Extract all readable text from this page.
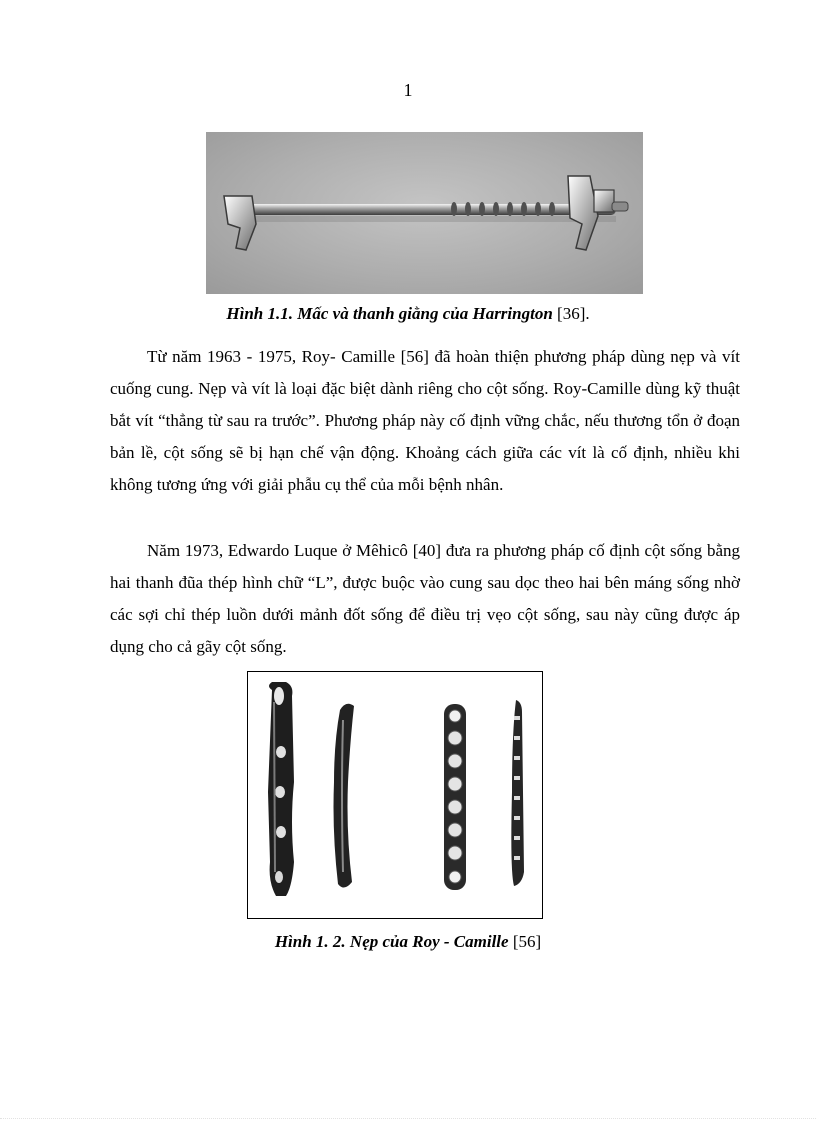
1
Hình 1.1. Mấc và thanh giằng của Harrington [36].

Từ năm 1963 - 1975, Roy- Camille [56] đã hoàn thiện phương pháp dùng nẹp và vít cuống cung. Nẹp và vít là loại đặc biệt dành riêng cho cột sống. Roy-Camille dùng kỹ thuật bắt vít “thẳng từ sau ra trước”. Phương pháp này cố định vững chắc, nếu thương tổn ở đoạn bản lề, cột sống sẽ bị hạn chế vận động. Khoảng cách giữa các vít là cố định, nhiều khi không tương ứng với giải phẫu cụ thể của mỗi bệnh nhân.

Năm 1973, Edwardo Luque ở Mêhicô [40] đưa ra phương pháp cố định cột sống bằng hai thanh đũa thép hình chữ “L”, được buộc vào cung sau dọc theo hai bên máng sống nhờ các sợi chỉ thép luồn dưới mảnh đốt sống để điều trị vẹo cột sống, sau này cũng được áp dụng cho cả gãy cột sống.

Hình 1. 2. Nẹp của Roy - Camille [56]
